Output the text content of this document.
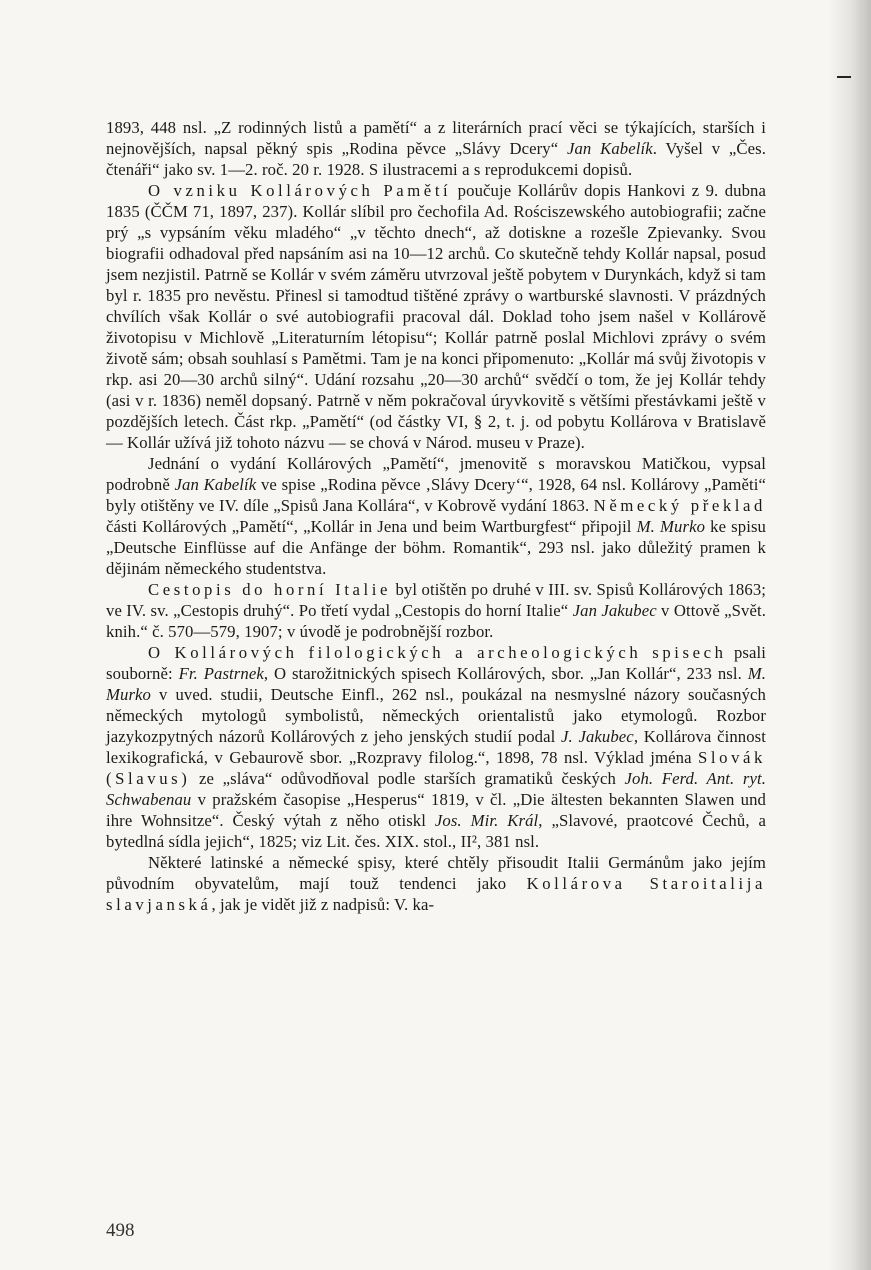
1893, 448 nsl. „Z rodinných listů a pamětí“ a z literárních prací věci se týkajících, starších i nejnovějších, napsal pěkný spis „Rodina pěvce „Slávy Dcery“ Jan Kabelík. Vyšel v „Čes. čtenáři“ jako sv. 1—2. roč. 20 r. 1928. S ilustracemi a s reprodukcemi dopisů.

O vzniku Kollárových Pamětí poučuje Kollárův dopis Hankovi z 9. dubna 1835 (ČČM 71, 1897, 237). Kollár slíbil pro čechofila Ad. Rościszewského autobiografii; začne prý „s vypsáním věku mladého“ „v těchto dnech“, až dotiskne a rozešle Zpievanky. Svou biografii odhadoval před napsáním asi na 10—12 archů. Co skutečně tehdy Kollár napsal, posud jsem nezjistil. Patrně se Kollár v svém záměru utvrzoval ještě pobytem v Durynkách, když si tam byl r. 1835 pro nevěstu. Přinesl si tamodtud tištěné zprávy o wartburské slavnosti. V prázdných chvílích však Kollár o své autobiografii pracoval dál. Doklad toho jsem našel v Kollárově životopisu v Michlově „Literaturním létopisu“; Kollár patrně poslal Michlovi zprávy o svém životě sám; obsah souhlasí s Pamětmi. Tam je na konci připomenuto: „Kollár má svůj životopis v rkp. asi 20—30 archů silný“. Udání rozsahu „20—30 archů“ svědčí o tom, že jej Kollár tehdy (asi v r. 1836) neměl dopsaný. Patrně v něm pokračoval úryvkovitě s většími přestávkami ještě v pozdějších letech. Část rkp. „Pamětí“ (od částky VI, § 2, t. j. od pobytu Kollárova v Bratislavě — Kollár užívá již tohoto názvu — se chová v Národ. museu v Praze).

Jednání o vydání Kollárových „Pamětí“, jmenovitě s moravskou Matičkou, vypsal podrobně Jan Kabelík ve spise „Rodina pěvce ‚Slávy Dcery‘“, 1928, 64 nsl. Kollárovy „Paměti“ byly otištěny ve IV. díle „Spisů Jana Kollára“, v Kobrově vydání 1863. Německý překlad části Kollárových „Pamětí“, „Kollár in Jena und beim Wartburgfest“ připojil M. Murko ke spisu „Deutsche Einflüsse auf die Anfänge der böhm. Romantik“, 293 nsl. jako důležitý pramen k dějinám německého studentstva.

Cestopis do horní Italie byl otištěn po druhé v III. sv. Spisů Kollárových 1863; ve IV. sv. „Cestopis druhý“. Po třetí vydal „Cestopis do horní Italie“ Jan Jakubec v Ottově „Svět. knih.“ č. 570—579, 1907; v úvodě je podrobnější rozbor.

O Kollárových filologických a archeologických spisech psali souborně: Fr. Pastrnek, O starožitnických spisech Kollárových, sbor. „Jan Kollár“, 233 nsl. M. Murko v uved. studii, Deutsche Einfl., 262 nsl., poukázal na nesmyslné názory současných německých mytologů symbolistů, německých orientalistů jako etymologů. Rozbor jazykozpytných názorů Kollárových z jeho jenských studií podal J. Jakubec, Kollárova činnost lexikografická, v Gebaurově sbor. „Rozpravy filolog.“, 1898, 78 nsl. Výklad jména Slovák (Slavus) ze „sláva“ odůvodňoval podle starších gramatiků českých Joh. Ferd. Ant. ryt. Schwabenau v pražském časopise „Hesperus“ 1819, v čl. „Die ältesten bekannten Slawen und ihre Wohnsitze“. Český výtah z něho otiskl Jos. Mir. Král, „Slavové, praotcové Čechů, a bytedlná sídla jejich“, 1825; viz Lit. čes. XIX. stol., II², 381 nsl.

Některé latinské a německé spisy, které chtěly přisoudit Italii Germánům jako jejím původním obyvatelům, mají touž tendenci jako Kollárova Staroitalija slavjanská, jak je vidět již z nadpisů: V. ka-

498
